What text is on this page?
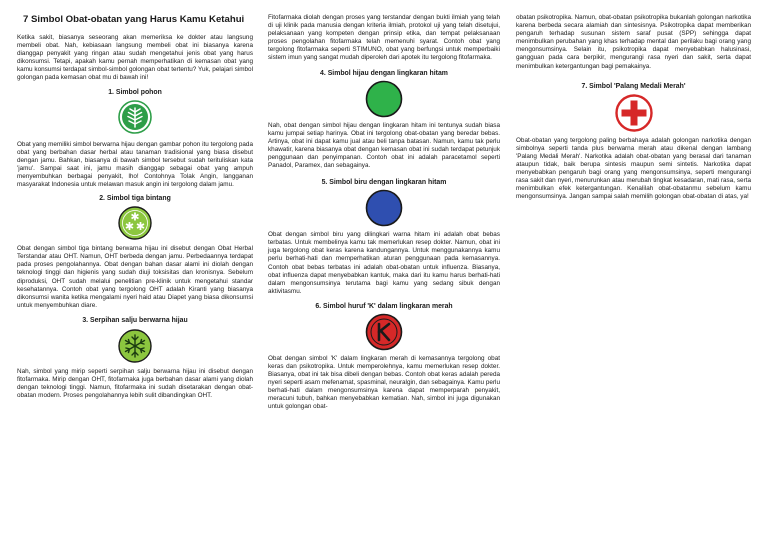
7 Simbol Obat-obatan yang Harus Kamu Ketahui

Ketika sakit, biasanya seseorang akan memeriksa ke dokter atau langsung membeli obat. Nah, kebiasaan langsung membeli obat ini biasanya karena dianggap penyakit yang ringan atau sudah mengetahui jenis obat yang harus dikonsumsi. Tetapi, apakah kamu pernah memperhatikan di kemasan obat yang kamu konsumsi terdapat simbol-simbol golongan obat tertentu? Yuk, pelajari simbol golongan pada kemasan obat mu di bawah ini!

1. Simbol pohon

Obat yang memiliki simbol berwarna hijau dengan gambar pohon itu tergolong pada obat yang berbahan dasar herbal atau tanaman tradisional yang biasa disebut dengan jamu. Bahkan, biasanya di bawah simbol tersebut sudah terituliskan kata 'jamu'. Sampai saat ini, jamu masih dianggap sebagai obat yang ampuh menyembuhkan berbagai penyakit, lho! Contohnya Tolak Angin, langganan masyarakat Indonesia untuk melawan masuk angin ini tergolong dalam jamu.

2. Simbol tiga bintang
✱
✱ ✱

Obat dengan simbol tiga bintang berwarna hijau ini disebut dengan Obat Herbal Terstandar atau OHT. Namun, OHT berbeda dengan jamu. Perbedaannya terdapat pada proses pengolahannya. Obat dengan bahan dasar alami ini diolah dengan teknologi tinggi dan higienis yang sudah diuji toksisitas dan kronisnya. Sebelum diproduksi, OHT sudah melalui penelitian pre-klinik untuk mengetahui standar kesehatannya. Contoh obat yang tergolong OHT adalah Kiranti yang biasanya dikonsumsi wanita ketika mengalami nyeri haid atau Diapet yang biasa dikonsumsi untuk menyembuhkan diare.

3. Serpihan salju berwarna hijau

Nah, simbol yang mirip seperti serpihan salju berwarna hijau ini disebut dengan fitofarmaka. Mirip dengan OHT, fitofarmaka juga berbahan dasar alami yang diolah dengan teknologi tinggi. Namun, fitofarmaka ini sudah disetarakan dengan obat-obatan modern. Proses pengolahannya lebih sulit dibandingkan OHT.

Fitofarmaka diolah dengan proses yang terstandar dengan bukti ilmiah yang telah di uji klinik pada manusia dengan kriteria ilmiah, protokol uji yang telah disetujui, pelaksanaan yang kompeten dengan prinsip etika, dan tempat pelaksanaan proses pengolahan fitofarmaka telah memenuhi syarat. Contoh obat yang tergolong fitofarmaka seperti STIMUNO, obat yang berfungsi untuk memperbaiki sistem imun yang sangat mudah diperoleh dari apotek itu tergolong fitofarmaka.

4. Simbol hijau dengan lingkaran hitam

Nah, obat dengan simbol hijau dengan lingkaran hitam ini tentunya sudah biasa kamu jumpai setiap harinya. Obat ini tergolong obat-obatan yang beredar bebas. Artinya, obat ini dapat kamu jual atau beli tanpa batasan. Namun, kamu tak perlu khawatir, karena biasanya obat dengan kemasan obat ini sudah terdapat petunjuk penggunaan dan penyimpanan. Contoh obat ini adalah paracetamol seperti Panadol, Paramex, dan sebagainya.

5. Simbol biru dengan lingkaran hitam

Obat dengan simbol biru yang dilingkari warna hitam ini adalah obat bebas terbatas. Untuk membelinya kamu tak memerlukan resep dokter. Namun, obat ini juga tergolong obat keras karena kandungannya. Untuk menggunakannya kamu perlu berhati-hati dan memperhatikan aturan penggunaan pada kemasannya. Contoh obat bebas terbatas ini adalah obat-obatan untuk influenza. Biasanya, obat influenza dapat menyebabkan kantuk, maka dari itu kamu harus berhati-hati dalam mengonsumsinya terutama bagi kamu yang sedang sibuk dengan aktivitasmu.

6. Simbol huruf 'K' dalam lingkaran merah

Obat dengan simbol 'K' dalam lingkaran merah di kemasannya tergolong obat keras dan psikotropika. Untuk memperolehnya, kamu memerlukan resep dokter. Biasanya, obat ini tak bisa dibeli dengan bebas. Contoh obat keras adalah pereda nyeri seperti asam mefenamat, spasminal, neuralgin, dan sebagainya. Kamu perlu berhati-hati dalam mengonsumsinya karena dapat memperparah penyakit, meracuni tubuh, bahkan menyebabkan kematian. Nah, simbol ini juga digunakan untuk golongan obat-

obatan psikotropika. Namun, obat-obatan psikotropika bukanlah golongan narkotika karena berbeda secara alamiah dan sintesisnya. Psikotropika dapat memberikan pengaruh terhadap susunan sistem saraf pusat (SPP) sehingga dapat menimbulkan perubahan yang khas terhadap mental dan perilaku bagi orang yang mengonsumsinya. Selain itu, psikotropika dapat menyebabkan halusinasi, gangguan pada cara berpikir, mengurangi rasa nyeri dan sakit, serta dapat menimbulkan ketergantungan bagi pemakainya.

7. Simbol 'Palang Medali Merah'

Obat-obatan yang tergolong paling berbahaya adalah golongan narkotika dengan simbolnya seperti tanda plus berwarna merah atau dikenal dengan lambang 'Palang Medali Merah'. Narkotika adalah obat-obatan yang berasal dari tanaman ataupun tidak, baik berupa sintesis maupun semi sintetis. Narkotika dapat menyebabkan pengaruh bagi orang yang mengonsumsinya, seperti mengurangi rasa sakit dan nyeri, menurunkan atau merubah tingkat kesadaran, mati rasa, serta menimbulkan efek ketergantungan. Kenalilah obat-obatanmu sebelum kamu mengonsumsinya. Jangan sampai salah memilih golongan obat-obatan di atas, ya!
